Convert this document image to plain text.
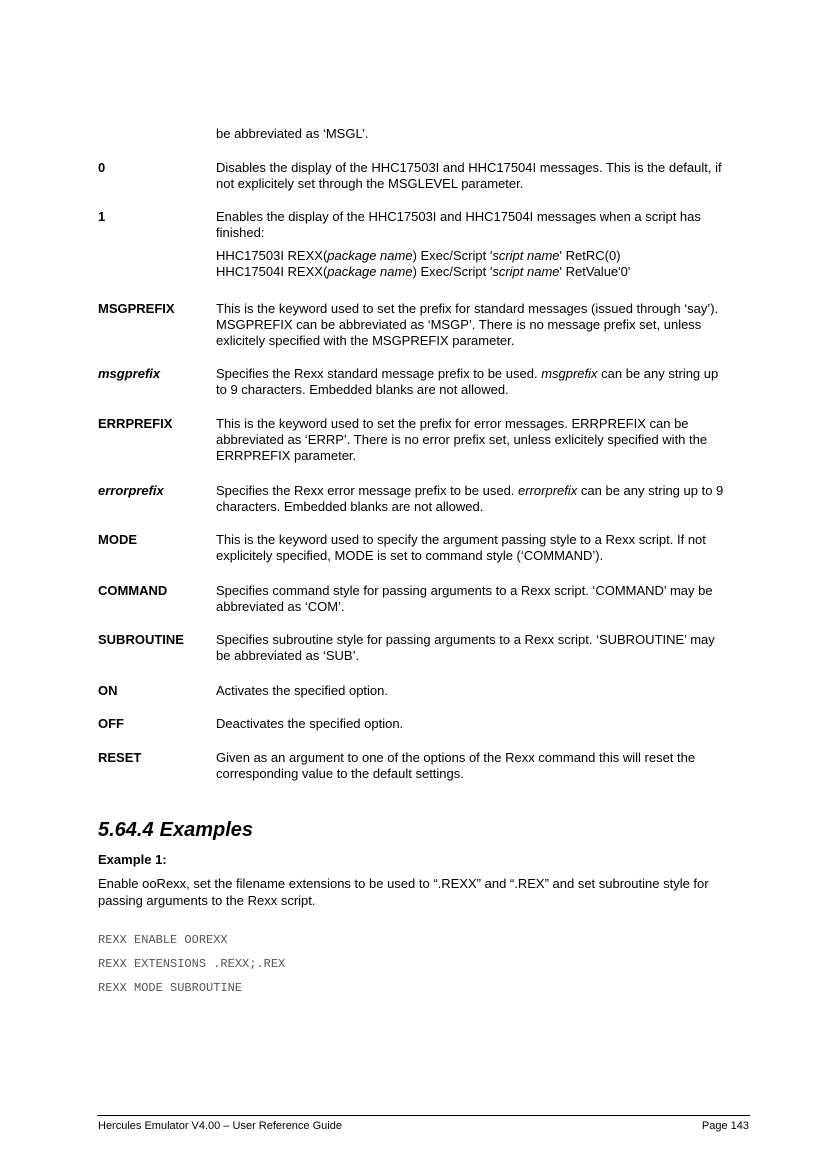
be abbreviated as ‘MSGL’.
0	Disables the display of the HHC17503I and HHC17504I messages. This is the default, if not explicitely set through the MSGLEVEL parameter.

1	Enables the display of the HHC17503I and HHC17504I messages when a script has finished:

HHC17503I REXX(package name) Exec/Script 'script name' RetRC(0)

HHC17504I REXX(package name) Exec/Script 'script name' RetValue'0'

MSGPREFIX	This is the keyword used to set the prefix for standard messages (issued through ‘say’). MSGPREFIX can be abbreviated as ‘MSGP’. There is no message prefix set, unless exlicitely specified with the MSGPREFIX parameter.

msgprefix	Specifies the Rexx standard message prefix to be used. msgprefix can be any string up to 9 characters. Embedded blanks are not allowed.

ERRPREFIX	This is the keyword used to set the prefix for error messages. ERRPREFIX can be abbreviated as ‘ERRP’. There is no error prefix set, unless exlicitely specified with the ERRPREFIX parameter.

errorprefix	Specifies the Rexx error message prefix to be used. errorprefix can be any string up to 9 characters. Embedded blanks are not allowed.

MODE	This is the keyword used to specify the argument passing style to a Rexx script. If not explicitely specified, MODE is set to command style (‘COMMAND’).

COMMAND	Specifies command style for passing arguments to a Rexx script. ‘COMMAND’ may be abbreviated as ‘COM’.

SUBROUTINE	Specifies subroutine style for passing arguments to a Rexx script. ‘SUBROUTINE’ may be abbreviated as ‘SUB’.

ON	Activates the specified option.

OFF	Deactivates the specified option.

RESET	Given as an argument to one of the options of the Rexx command this will reset the corresponding value to the default settings.

5.64.4 Examples
Example 1:
Enable ooRexx, set the filename extensions to be used to “.REXX” and “.REX” and set subroutine style for passing arguments to the Rexx script.
REXX ENABLE OOREXX
REXX EXTENSIONS .REXX;.REX
REXX MODE SUBROUTINE
Hercules Emulator V4.00 – User Reference Guide	Page 143
